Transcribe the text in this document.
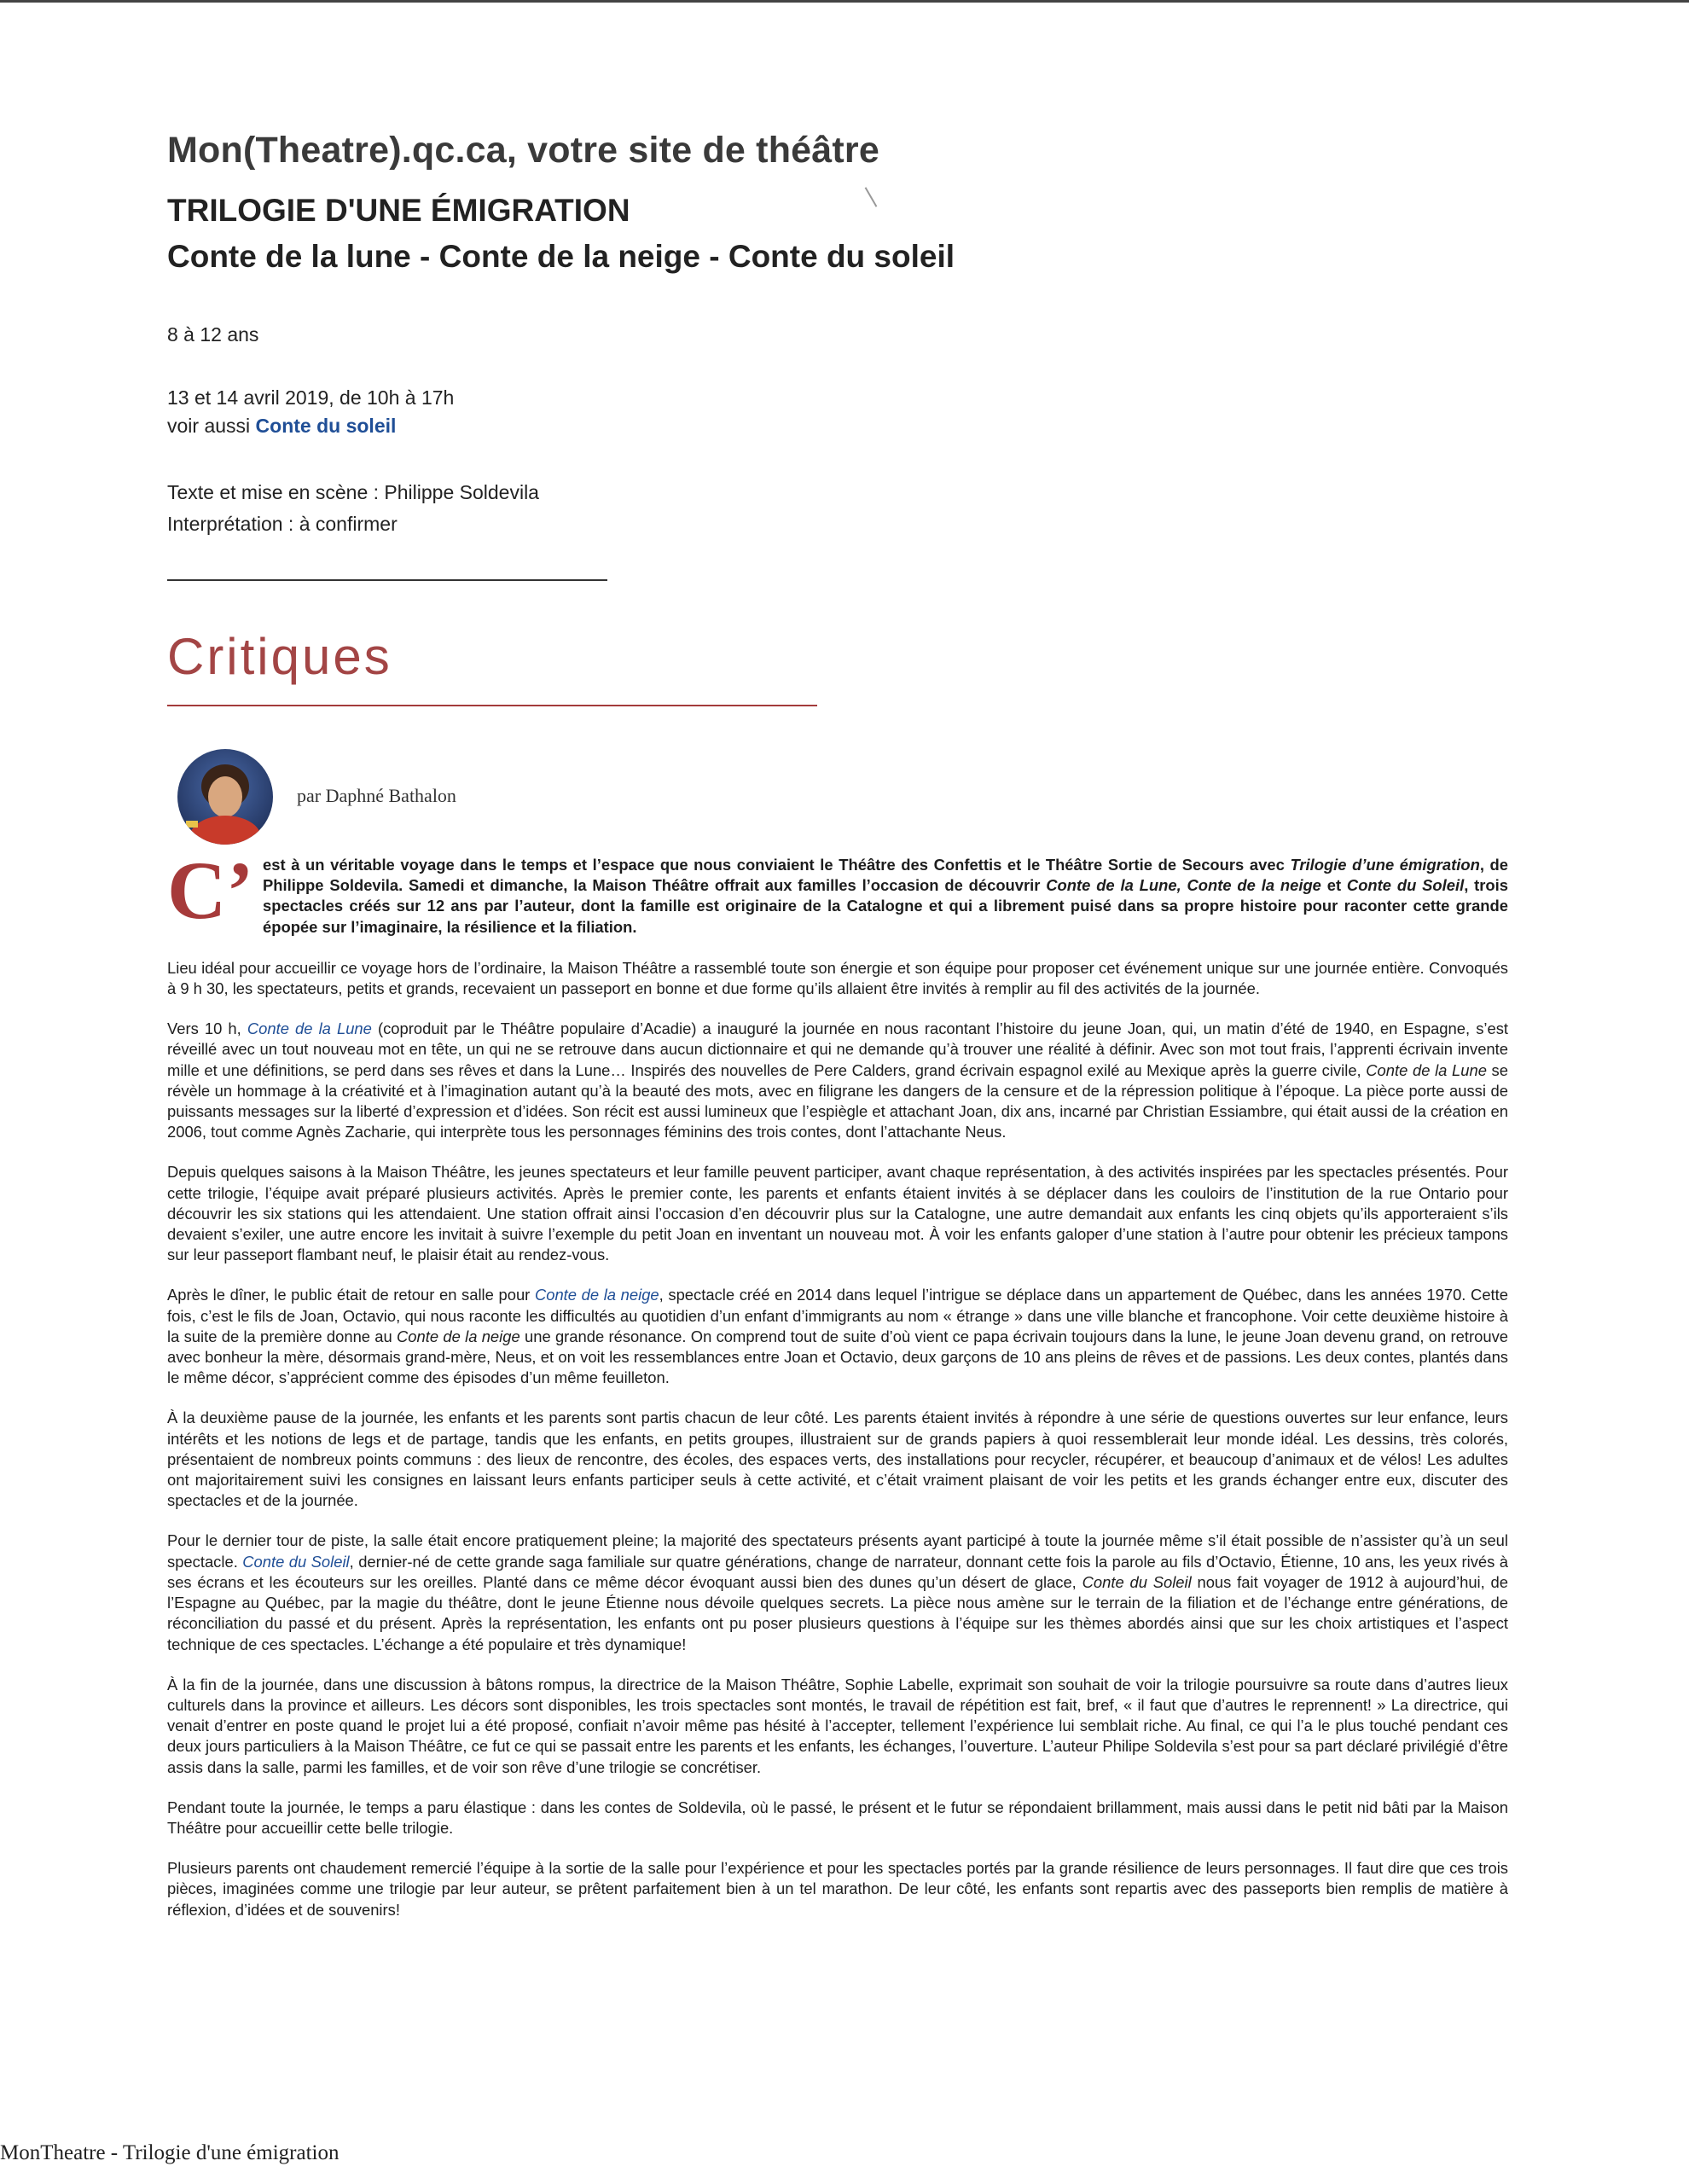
Mon(Theatre).qc.ca, votre site de théâtre
TRILOGIE D'UNE ÉMIGRATION
Conte de la lune - Conte de la neige - Conte du soleil
8 à 12 ans
13 et 14 avril 2019, de 10h à 17h
voir aussi Conte du soleil
Texte et mise en scène : Philippe Soldevila
Interprétation : à confirmer
Critiques
par Daphné Bathalon

C’ est à un véritable voyage dans le temps et l’espace que nous conviaient le Théâtre des Confettis et le Théâtre Sortie de Secours avec Trilogie d’une émigration, de Philippe Soldevila. Samedi et dimanche, la Maison Théâtre offrait aux familles l’occasion de découvrir Conte de la Lune, Conte de la neige et Conte du Soleil, trois spectacles créés sur 12 ans par l’auteur, dont la famille est originaire de la Catalogne et qui a librement puisé dans sa propre histoire pour raconter cette grande épopée sur l’imaginaire, la résilience et la filiation.

Lieu idéal pour accueillir ce voyage hors de l’ordinaire, la Maison Théâtre a rassemblé toute son énergie et son équipe pour proposer cet événement unique sur une journée entière. Convoqués à 9 h 30, les spectateurs, petits et grands, recevaient un passeport en bonne et due forme qu’ils allaient être invités à remplir au fil des activités de la journée.

Vers 10 h, Conte de la Lune (coproduit par le Théâtre populaire d’Acadie) a inauguré la journée en nous racontant l’histoire du jeune Joan, qui, un matin d’été de 1940, en Espagne, s’est réveillé avec un tout nouveau mot en tête, un qui ne se retrouve dans aucun dictionnaire et qui ne demande qu’à trouver une réalité à définir. Avec son mot tout frais, l’apprenti écrivain invente mille et une définitions, se perd dans ses rêves et dans la Lune… Inspirés des nouvelles de Pere Calders, grand écrivain espagnol exilé au Mexique après la guerre civile, Conte de la Lune se révèle un hommage à la créativité et à l’imagination autant qu’à la beauté des mots, avec en filigrane les dangers de la censure et de la répression politique à l’époque. La pièce porte aussi de puissants messages sur la liberté d’expression et d’idées. Son récit est aussi lumineux que l’espiègle et attachant Joan, dix ans, incarné par Christian Essiambre, qui était aussi de la création en 2006, tout comme Agnès Zacharie, qui interprète tous les personnages féminins des trois contes, dont l’attachante Neus.

Depuis quelques saisons à la Maison Théâtre, les jeunes spectateurs et leur famille peuvent participer, avant chaque représentation, à des activités inspirées par les spectacles présentés. Pour cette trilogie, l’équipe avait préparé plusieurs activités. Après le premier conte, les parents et enfants étaient invités à se déplacer dans les couloirs de l’institution de la rue Ontario pour découvrir les six stations qui les attendaient. Une station offrait ainsi l’occasion d’en découvrir plus sur la Catalogne, une autre demandait aux enfants les cinq objets qu’ils apporteraient s’ils devaient s’exiler, une autre encore les invitait à suivre l’exemple du petit Joan en inventant un nouveau mot. À voir les enfants galoper d’une station à l’autre pour obtenir les précieux tampons sur leur passeport flambant neuf, le plaisir était au rendez-vous.

Après le dîner, le public était de retour en salle pour Conte de la neige, spectacle créé en 2014 dans lequel l’intrigue se déplace dans un appartement de Québec, dans les années 1970. Cette fois, c’est le fils de Joan, Octavio, qui nous raconte les difficultés au quotidien d’un enfant d’immigrants au nom « étrange » dans une ville blanche et francophone. Voir cette deuxième histoire à la suite de la première donne au Conte de la neige une grande résonance. On comprend tout de suite d’où vient ce papa écrivain toujours dans la lune, le jeune Joan devenu grand, on retrouve avec bonheur la mère, désormais grand-mère, Neus, et on voit les ressemblances entre Joan et Octavio, deux garçons de 10 ans pleins de rêves et de passions. Les deux contes, plantés dans le même décor, s’apprécient comme des épisodes d’un même feuilleton.

À la deuxième pause de la journée, les enfants et les parents sont partis chacun de leur côté. Les parents étaient invités à répondre à une série de questions ouvertes sur leur enfance, leurs intérêts et les notions de legs et de partage, tandis que les enfants, en petits groupes, illustraient sur de grands papiers à quoi ressemblerait leur monde idéal. Les dessins, très colorés, présentaient de nombreux points communs : des lieux de rencontre, des écoles, des espaces verts, des installations pour recycler, récupérer, et beaucoup d’animaux et de vélos! Les adultes ont majoritairement suivi les consignes en laissant leurs enfants participer seuls à cette activité, et c’était vraiment plaisant de voir les petits et les grands échanger entre eux, discuter des spectacles et de la journée.

Pour le dernier tour de piste, la salle était encore pratiquement pleine; la majorité des spectateurs présents ayant participé à toute la journée même s’il était possible de n’assister qu’à un seul spectacle. Conte du Soleil, dernier-né de cette grande saga familiale sur quatre générations, change de narrateur, donnant cette fois la parole au fils d’Octavio, Étienne, 10 ans, les yeux rivés à ses écrans et les écouteurs sur les oreilles. Planté dans ce même décor évoquant aussi bien des dunes qu’un désert de glace, Conte du Soleil nous fait voyager de 1912 à aujourd’hui, de l’Espagne au Québec, par la magie du théâtre, dont le jeune Étienne nous dévoile quelques secrets. La pièce nous amène sur le terrain de la filiation et de l’échange entre générations, de réconciliation du passé et du présent. Après la représentation, les enfants ont pu poser plusieurs questions à l’équipe sur les thèmes abordés ainsi que sur les choix artistiques et l’aspect technique de ces spectacles. L’échange a été populaire et très dynamique!

À la fin de la journée, dans une discussion à bâtons rompus, la directrice de la Maison Théâtre, Sophie Labelle, exprimait son souhait de voir la trilogie poursuivre sa route dans d’autres lieux culturels dans la province et ailleurs. Les décors sont disponibles, les trois spectacles sont montés, le travail de répétition est fait, bref, « il faut que d’autres le reprennent! » La directrice, qui venait d’entrer en poste quand le projet lui a été proposé, confiait n’avoir même pas hésité à l’accepter, tellement l’expérience lui semblait riche. Au final, ce qui l’a le plus touché pendant ces deux jours particuliers à la Maison Théâtre, ce fut ce qui se passait entre les parents et les enfants, les échanges, l’ouverture. L’auteur Philipe Soldevila s’est pour sa part déclaré privilégié d’être assis dans la salle, parmi les familles, et de voir son rêve d’une trilogie se concrétiser.

Pendant toute la journée, le temps a paru élastique : dans les contes de Soldevila, où le passé, le présent et le futur se répondaient brillamment, mais aussi dans le petit nid bâti par la Maison Théâtre pour accueillir cette belle trilogie.

Plusieurs parents ont chaudement remercié l’équipe à la sortie de la salle pour l’expérience et pour les spectacles portés par la grande résilience de leurs personnages. Il faut dire que ces trois pièces, imaginées comme une trilogie par leur auteur, se prêtent parfaitement bien à un tel marathon. De leur côté, les enfants sont repartis avec des passeports bien remplis de matière à réflexion, d’idées et de souvenirs!

MonTheatre - Trilogie d'une émigration
